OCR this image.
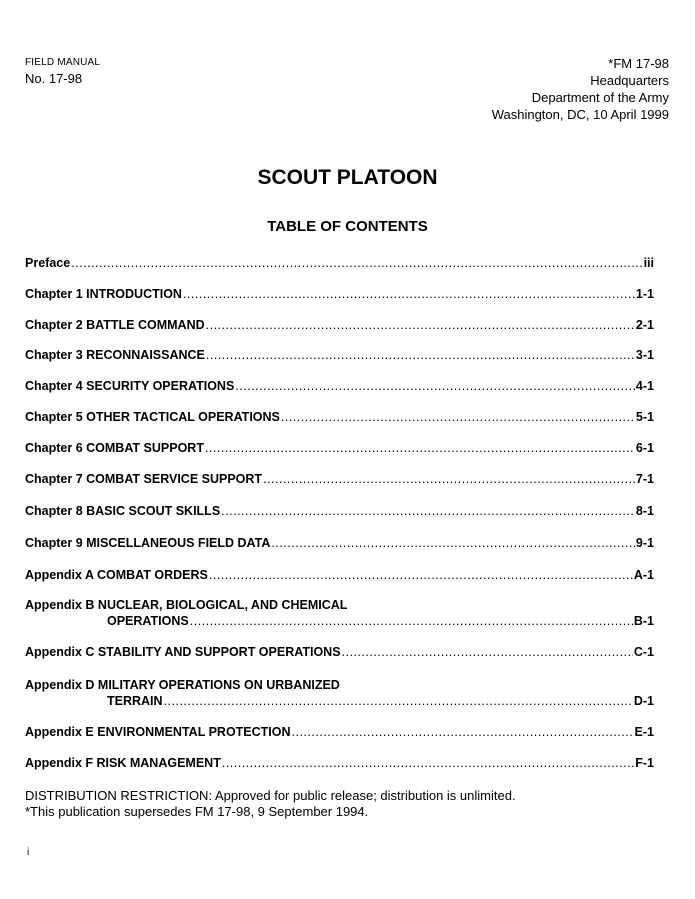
FIELD MANUAL
No. 17-98
*FM 17-98
Headquarters
Department of the Army
Washington, DC, 10 April 1999
SCOUT PLATOON
TABLE OF CONTENTS
Preface .....	iii
Chapter 1 INTRODUCTION .....	1-1
Chapter 2 BATTLE COMMAND .....	2-1
Chapter 3 RECONNAISSANCE .....	3-1
Chapter 4 SECURITY OPERATIONS .....	4-1
Chapter 5 OTHER TACTICAL OPERATIONS .....	5-1
Chapter 6 COMBAT SUPPORT .....	6-1
Chapter 7 COMBAT SERVICE SUPPORT .....	7-1
Chapter 8 BASIC SCOUT SKILLS .....	8-1
Chapter 9 MISCELLANEOUS FIELD DATA .....	9-1
Appendix A COMBAT ORDERS .....	A-1
Appendix B NUCLEAR, BIOLOGICAL, AND CHEMICAL
OPERATIONS .....	B-1
Appendix C STABILITY AND SUPPORT OPERATIONS .....	C-1
Appendix D MILITARY OPERATIONS ON URBANIZED
TERRAIN .....	D-1
Appendix E ENVIRONMENTAL PROTECTION .....	E-1
Appendix F RISK MANAGEMENT .....	F-1
DISTRIBUTION RESTRICTION: Approved for public release; distribution is unlimited.
*This publication supersedes FM 17-98, 9 September 1994.
i
